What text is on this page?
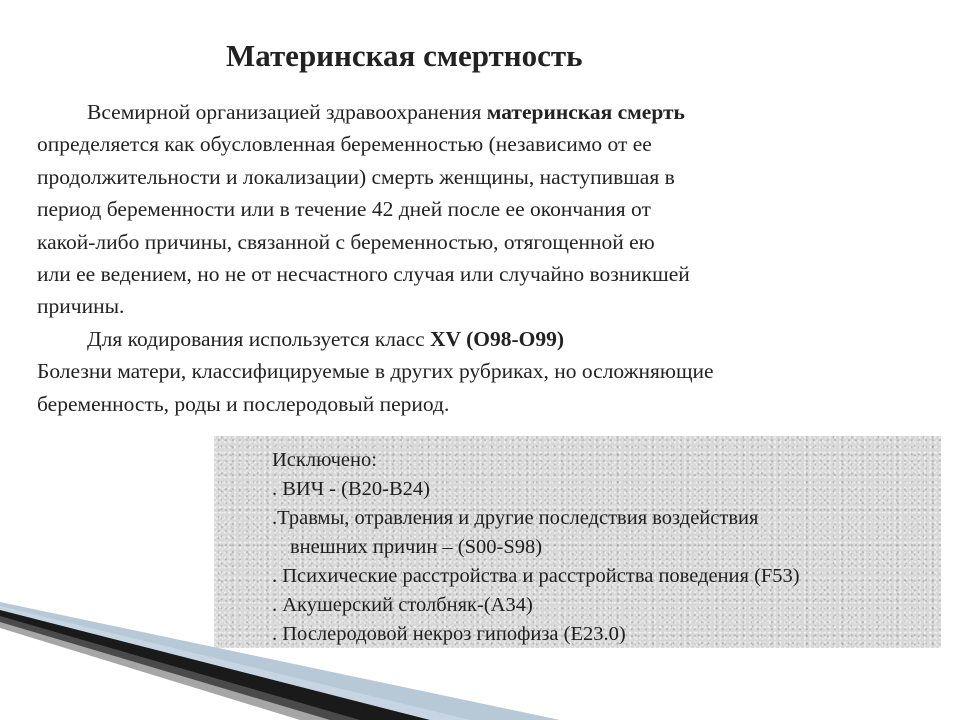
Материнская смертность
Всемирной организацией здравоохранения материнская смерть
определяется как обусловленная беременностью (независимо от ее
продолжительности и локализации) смерть женщины, наступившая в
период беременности или в течение 42 дней после ее окончания от
какой-либо причины, связанной с беременностью, отягощенной ею
или ее ведением, но не от несчастного случая или случайно возникшей
причины.
Для кодирования используется класс XV (O98-O99)
Болезни матери, классифицируемые в других рубриках, но осложняющие
беременность, роды и послеродовый период.
Исключено:
. ВИЧ - (B20-B24)
.Травмы, отравления и другие последствия воздействия
внешних причин – (S00-S98)
. Психические расстройства и расстройства поведения (F53)
. Акушерский столбняк-(A34)
. Послеродовой некроз гипофиза (E23.0)
